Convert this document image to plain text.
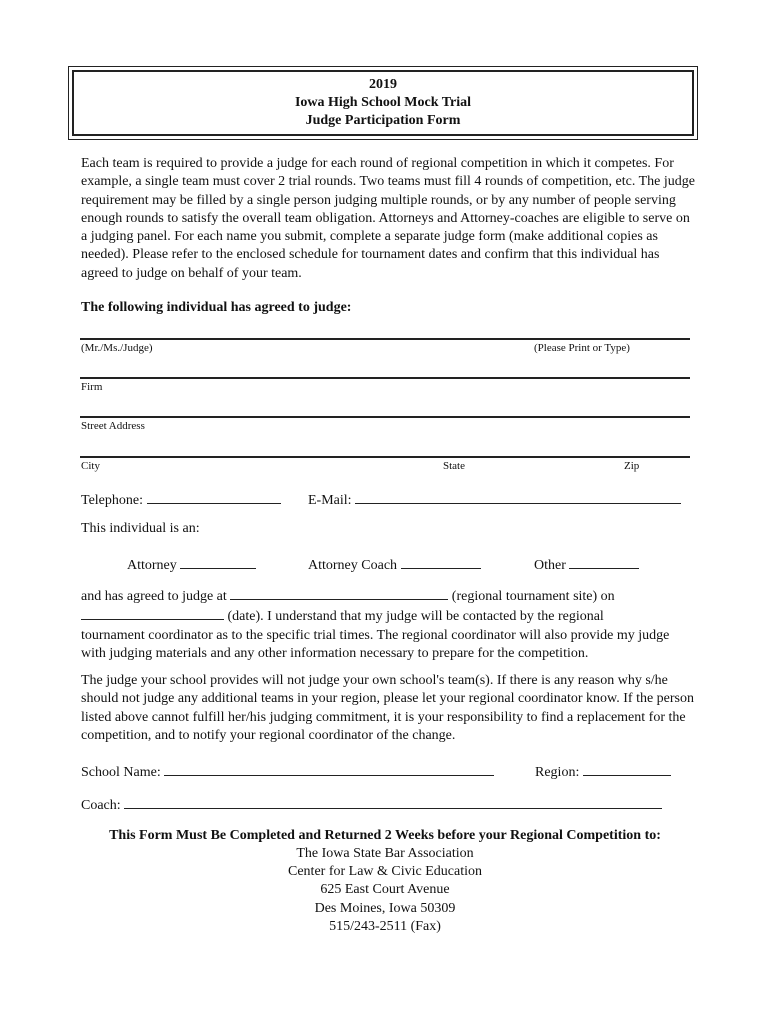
2019
Iowa High School Mock Trial
Judge Participation Form
Each team is required to provide a judge for each round of regional competition in which it competes. For example, a single team must cover 2 trial rounds. Two teams must fill 4 rounds of competition, etc. The judge requirement may be filled by a single person judging multiple rounds, or by any number of people serving enough rounds to satisfy the overall team obligation. Attorneys and Attorney-coaches are eligible to serve on a judging panel. For each name you submit, complete a separate judge form (make additional copies as needed). Please refer to the enclosed schedule for tournament dates and confirm that this individual has agreed to judge on behalf of your team.
The following individual has agreed to judge:
(Mr./Ms./Judge)	(Please Print or Type)
Firm
Street Address
City	State	Zip
Telephone:	E-Mail:
This individual is an:
Attorney	Attorney Coach	Other
and has agreed to judge at	(regional tournament site) on
(date). I understand that my judge will be contacted by the regional
tournament coordinator as to the specific trial times. The regional coordinator will also provide my judge with judging materials and any other information necessary to prepare for the competition.
The judge your school provides will not judge your own school's team(s). If there is any reason why s/he should not judge any additional teams in your region, please let your regional coordinator know. If the person listed above cannot fulfill her/his judging commitment, it is your responsibility to find a replacement for the competition, and to notify your regional coordinator of the change.
School Name:	Region:
Coach:
This Form Must Be Completed and Returned 2 Weeks before your Regional Competition to:
The Iowa State Bar Association
Center for Law & Civic Education
625 East Court Avenue
Des Moines, Iowa 50309
515/243-2511 (Fax)
